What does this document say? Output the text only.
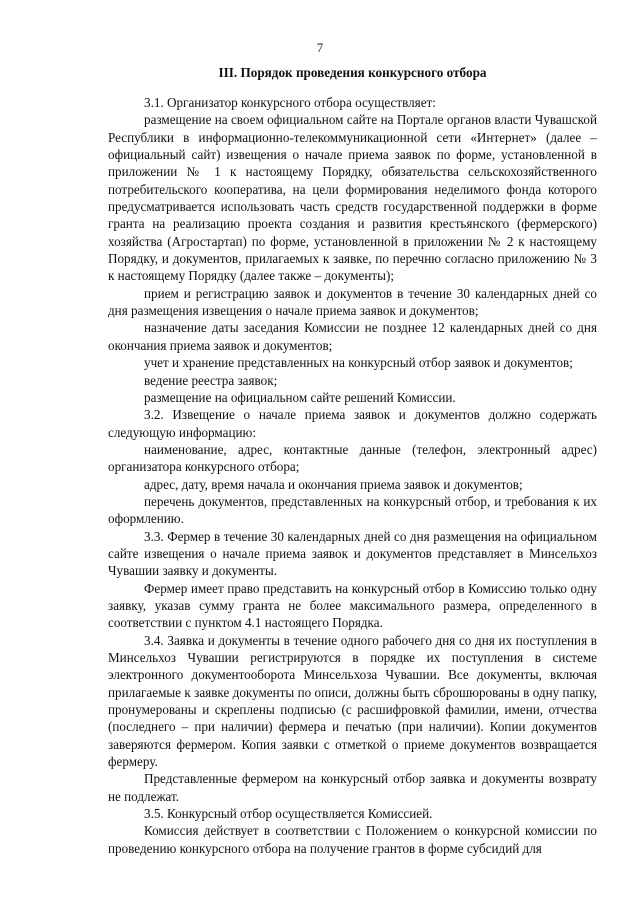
7
III. Порядок проведения конкурсного отбора

3.1. Организатор конкурсного отбора осуществляет:

размещение на своем официальном сайте на Портале органов власти Чувашской Республики в информационно-телекоммуникационной сети «Интернет» (далее – официальный сайт) извещения о начале приема заявок по форме, установленной в приложении № 1 к настоящему Порядку, обязательства сельскохозяйственного потребительского кооператива, на цели формирования неделимого фонда которого предусматривается использовать часть средств государственной поддержки в форме гранта на реализацию проекта создания и развития крестьянского (фермерского) хозяйства (Агростартап) по форме, установленной в приложении № 2 к настоящему Порядку, и документов, прилагаемых к заявке, по перечню согласно приложению № 3 к настоящему Порядку (далее также – документы);

прием и регистрацию заявок и документов в течение 30 календарных дней со дня размещения извещения о начале приема заявок и документов;

назначение даты заседания Комиссии не позднее 12 календарных дней со дня окончания приема заявок и документов;

учет и хранение представленных на конкурсный отбор заявок и документов;

ведение реестра заявок;

размещение на официальном сайте решений Комиссии.

3.2. Извещение о начале приема заявок и документов должно содержать следующую информацию:

наименование, адрес, контактные данные (телефон, электронный адрес) организатора конкурсного отбора;

адрес, дату, время начала и окончания приема заявок и документов;

перечень документов, представленных на конкурсный отбор, и требования к их оформлению.

3.3. Фермер в течение 30 календарных дней со дня размещения на официальном сайте извещения о начале приема заявок и документов представляет в Минсельхоз Чувашии заявку и документы.

Фермер имеет право представить на конкурсный отбор в Комиссию только одну заявку, указав сумму гранта не более максимального размера, определенного в соответствии с пунктом 4.1 настоящего Порядка.

3.4. Заявка и документы в течение одного рабочего дня со дня их поступления в Минсельхоз Чувашии регистрируются в порядке их поступления в системе электронного документооборота Минсельхоза Чувашии. Все документы, включая прилагаемые к заявке документы по описи, должны быть сброшюрованы в одну папку, пронумерованы и скреплены подписью (с расшифровкой фамилии, имени, отчества (последнего – при наличии) фермера и печатью (при наличии). Копии документов заверяются фермером. Копия заявки с отметкой о приеме документов возвращается фермеру.

Представленные фермером на конкурсный отбор заявка и документы возврату не подлежат.

3.5. Конкурсный отбор осуществляется Комиссией.

Комиссия действует в соответствии с Положением о конкурсной комиссии по проведению конкурсного отбора на получение грантов в форме субсидий для
